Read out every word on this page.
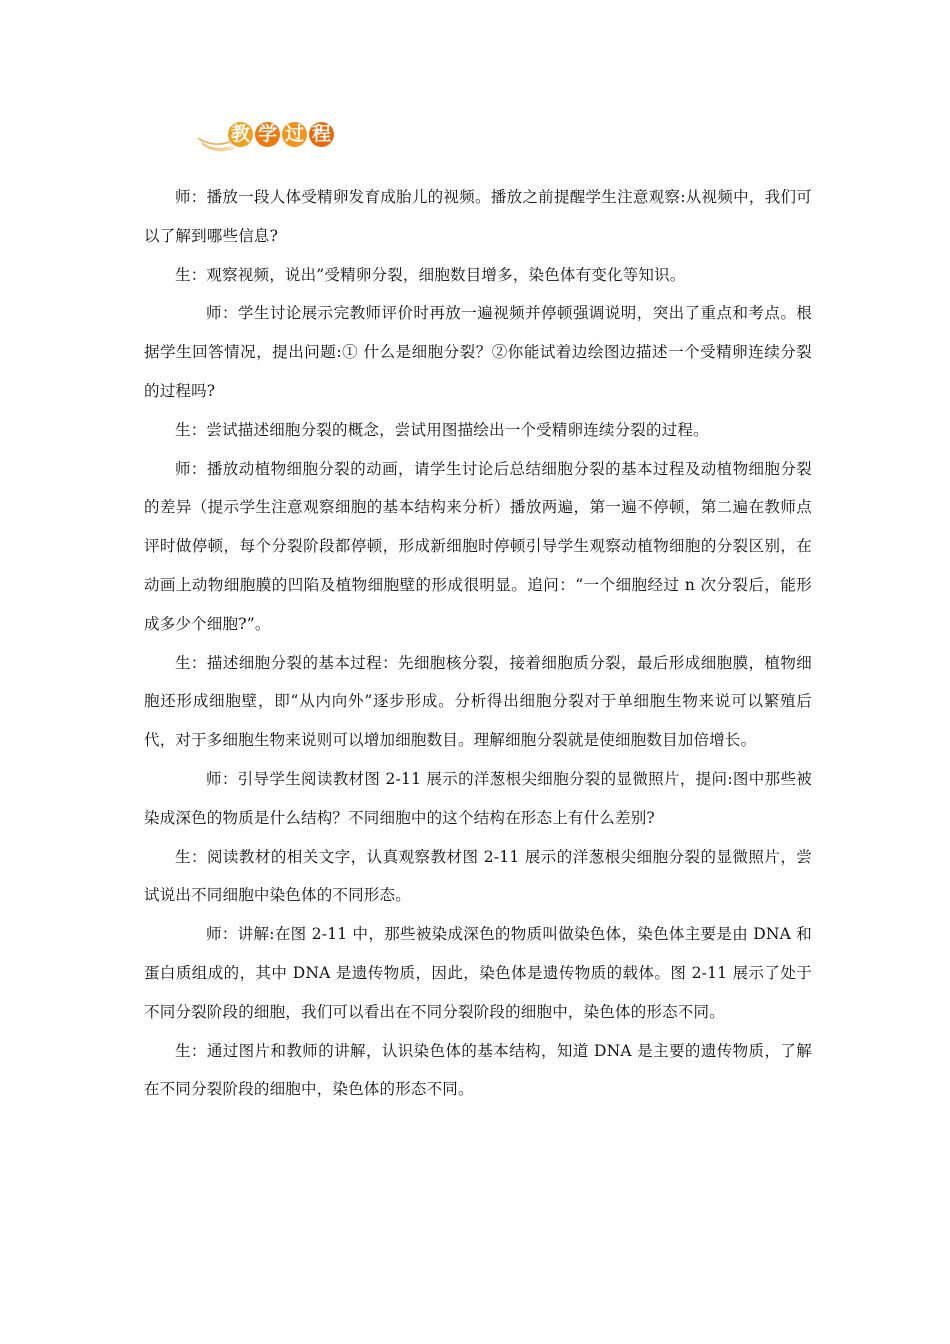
教 学 过 程

师：播放一段人体受精卵发育成胎儿的视频。播放之前提醒学生注意观察:从视频中，我们可以了解到哪些信息?

生：观察视频，说出”受精卵分裂，细胞数目增多，染色体有变化等知识。

师：学生讨论展示完教师评价时再放一遍视频并停顿强调说明，突出了重点和考点。根据学生回答情况，提出问题:① 什么是细胞分裂？②你能试着边绘图边描述一个受精卵连续分裂的过程吗?

生：尝试描述细胞分裂的概念，尝试用图描绘出一个受精卵连续分裂的过程。

师：播放动植物细胞分裂的动画，请学生讨论后总结细胞分裂的基本过程及动植物细胞分裂的差异（提示学生注意观察细胞的基本结构来分析）播放两遍，第一遍不停顿，第二遍在教师点评时做停顿，每个分裂阶段都停顿，形成新细胞时停顿引导学生观察动植物细胞的分裂区别，在动画上动物细胞膜的凹陷及植物细胞壁的形成很明显。追问：“一个细胞经过 n 次分裂后，能形成多少个细胞?”。

生：描述细胞分裂的基本过程：先细胞核分裂，接着细胞质分裂，最后形成细胞膜，植物细胞还形成细胞壁，即“从内向外”逐步形成。分析得出细胞分裂对于单细胞生物来说可以繁殖后代，对于多细胞生物来说则可以增加细胞数目。理解细胞分裂就是使细胞数目加倍增长。

师：引导学生阅读教材图 2-11 展示的洋葱根尖细胞分裂的显微照片，提问:图中那些被染成深色的物质是什么结构？不同细胞中的这个结构在形态上有什么差别?

生：阅读教材的相关文字，认真观察教材图 2-11 展示的洋葱根尖细胞分裂的显微照片，尝试说出不同细胞中染色体的不同形态。

师：讲解:在图 2-11 中，那些被染成深色的物质叫做染色体，染色体主要是由 DNA 和蛋白质组成的，其中 DNA 是遗传物质，因此，染色体是遗传物质的载体。图 2-11 展示了处于不同分裂阶段的细胞，我们可以看出在不同分裂阶段的细胞中，染色体的形态不同。

生：通过图片和教师的讲解，认识染色体的基本结构，知道 DNA 是主要的遗传物质，了解在不同分裂阶段的细胞中，染色体的形态不同。
